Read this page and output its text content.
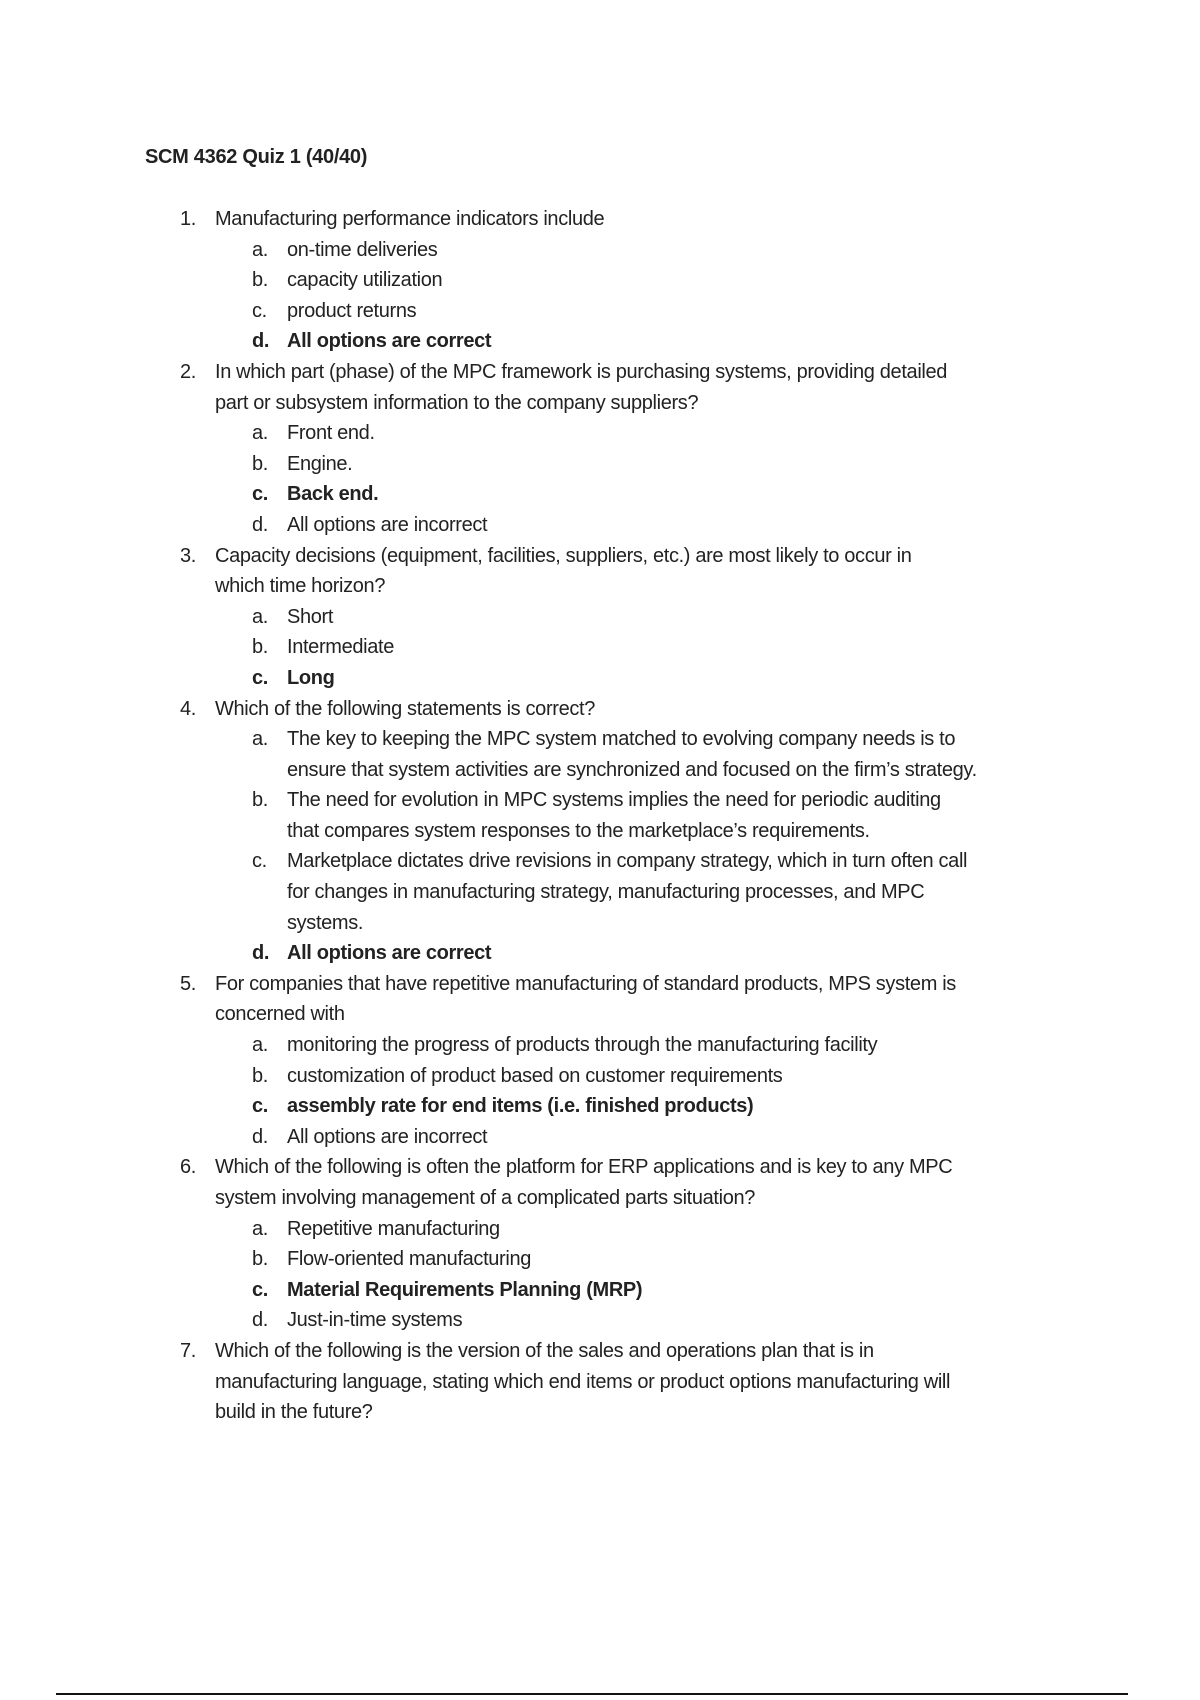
SCM 4362 Quiz 1 (40/40)
1. Manufacturing performance indicators include
a. on-time deliveries
b. capacity utilization
c. product returns
d. All options are correct
2. In which part (phase) of the MPC framework is purchasing systems, providing detailed
part or subsystem information to the company suppliers?
a. Front end.
b. Engine.
c. Back end.
d. All options are incorrect
3. Capacity decisions (equipment, facilities, suppliers, etc.) are most likely to occur in
which time horizon?
a. Short
b. Intermediate
c. Long
4. Which of the following statements is correct?
a. The key to keeping the MPC system matched to evolving company needs is to
ensure that system activities are synchronized and focused on the firm’s strategy.
b. The need for evolution in MPC systems implies the need for periodic auditing
that compares system responses to the marketplace’s requirements.
c. Marketplace dictates drive revisions in company strategy, which in turn often call
for changes in manufacturing strategy, manufacturing processes, and MPC
systems.
d. All options are correct
5. For companies that have repetitive manufacturing of standard products, MPS system is
concerned with
a. monitoring the progress of products through the manufacturing facility
b. customization of product based on customer requirements
c. assembly rate for end items (i.e. finished products)
d. All options are incorrect
6. Which of the following is often the platform for ERP applications and is key to any MPC
system involving management of a complicated parts situation?
a. Repetitive manufacturing
b. Flow-oriented manufacturing
c. Material Requirements Planning (MRP)
d. Just-in-time systems
7. Which of the following is the version of the sales and operations plan that is in
manufacturing language, stating which end items or product options manufacturing will
build in the future?
